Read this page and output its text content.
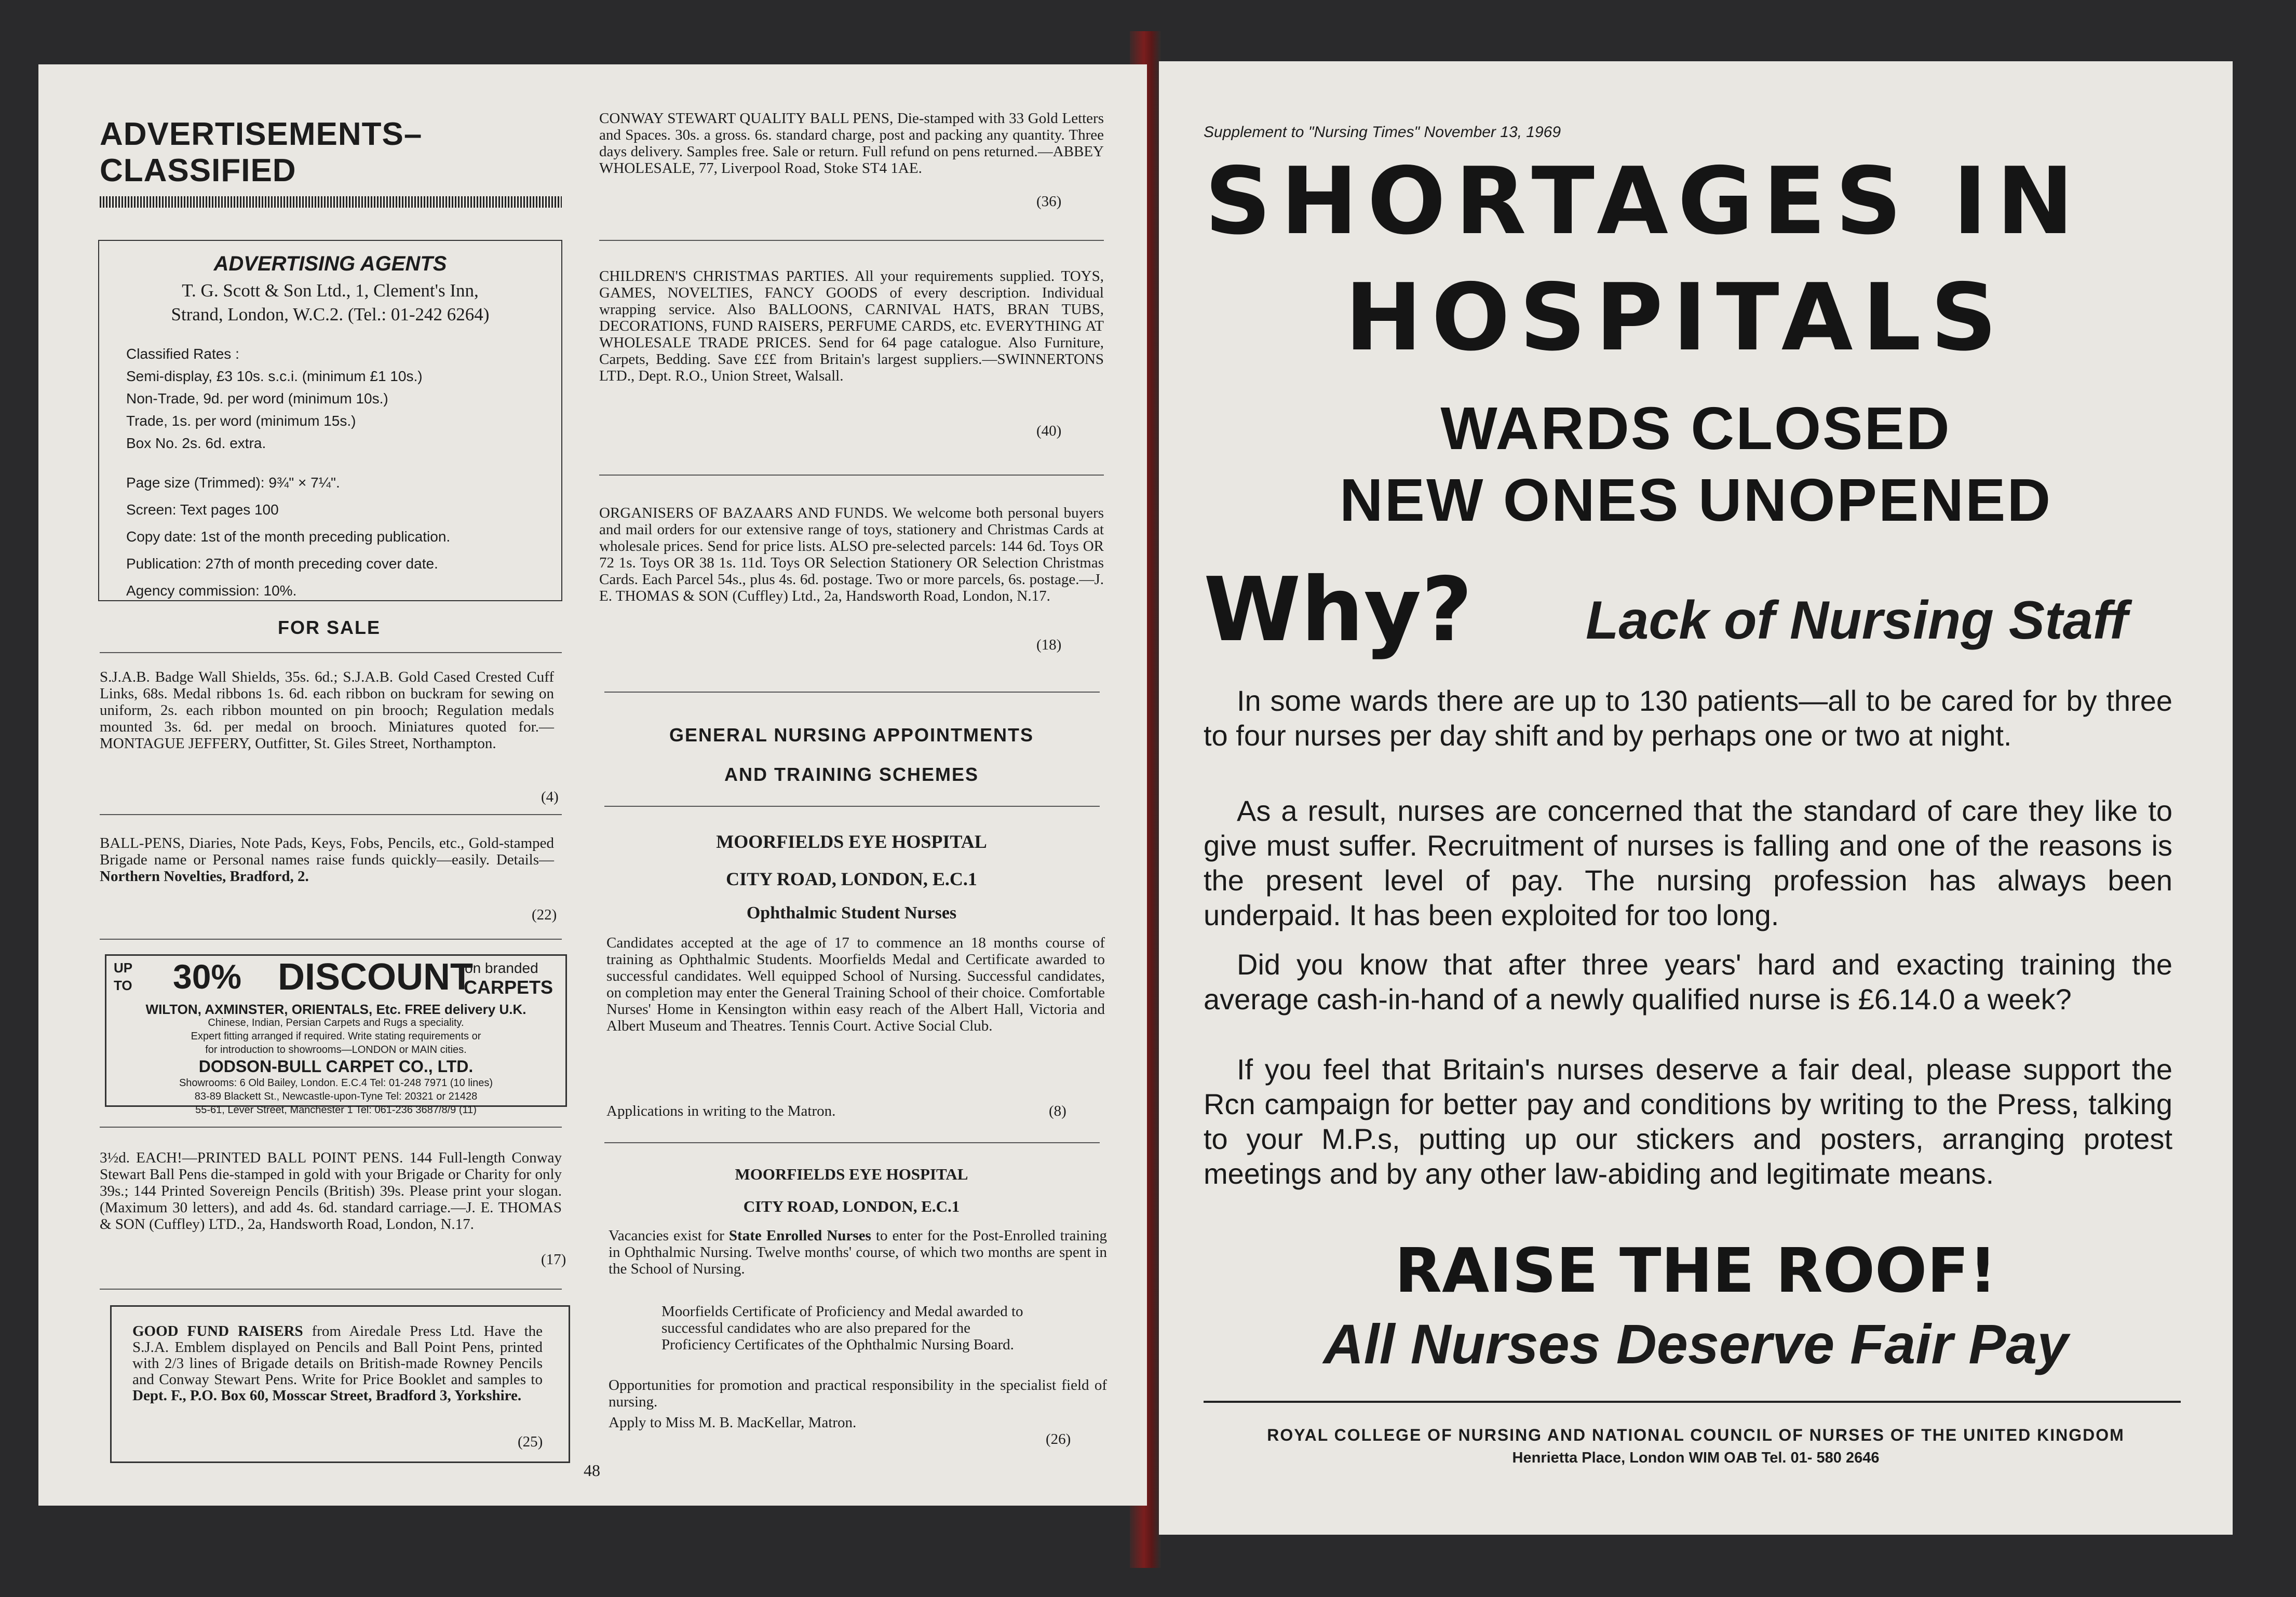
ADVERTISEMENTS–
CLASSIFIED
ADVERTISING AGENTS
T. G. Scott & Son Ltd., 1, Clement's Inn,
Strand, London, W.C.2. (Tel.: 01-242 6264)
Classified Rates :
Semi-display, £3 10s. s.c.i. (minimum £1 10s.)
Non-Trade, 9d. per word (minimum 10s.)
Trade, 1s. per word (minimum 15s.)
Box No. 2s. 6d. extra.
Page size (Trimmed): 9¾" × 7¼".
Screen: Text pages 100
Copy date: 1st of the month preceding publication.
Publication: 27th of month preceding cover date.
Agency commission: 10%.
FOR SALE
S.J.A.B. Badge Wall Shields, 35s. 6d.; S.J.A.B. Gold Cased Crested Cuff Links, 68s. Medal ribbons 1s. 6d. each ribbon on buckram for sewing on uniform, 2s. each ribbon mounted on pin brooch; Regulation medals mounted 3s. 6d. per medal on brooch. Miniatures quoted for.—MONTAGUE JEFFERY, Outfitter, St. Giles Street, Northampton.
(4)
BALL-PENS, Diaries, Note Pads, Keys, Fobs, Pencils, etc., Gold-stamped Brigade name or Personal names raise funds quickly—easily. Details—Northern Novelties, Bradford, 2.
(22)
UP
TO 30% DISCOUNT
on branded
CARPETS
WILTON, AXMINSTER, ORIENTALS, Etc. FREE delivery U.K.
Chinese, Indian, Persian Carpets and Rugs a speciality.
Expert fitting arranged if required. Write stating requirements or
for introduction to showrooms—LONDON or MAIN cities.
DODSON-BULL CARPET CO., LTD.
Showrooms: 6 Old Bailey, London. E.C.4 Tel: 01-248 7971 (10 lines)
83-89 Blackett St., Newcastle-upon-Tyne Tel: 20321 or 21428
55-61, Lever Street, Manchester 1 Tel: 061-236 3687/8/9 (11)
3½d. EACH!—PRINTED BALL POINT PENS. 144 Full-length Conway Stewart Ball Pens die-stamped in gold with your Brigade or Charity for only 39s.; 144 Printed Sovereign Pencils (British) 39s. Please print your slogan. (Maximum 30 letters), and add 4s. 6d. standard carriage.—J. E. THOMAS & SON (Cuffley) LTD., 2a, Handsworth Road, London, N.17.
(17)
GOOD FUND RAISERS from Airedale Press Ltd. Have the S.J.A. Emblem displayed on Pencils and Ball Point Pens, printed with 2/3 lines of Brigade details on British-made Rowney Pencils and Conway Stewart Pens. Write for Price Booklet and samples to Dept. F., P.O. Box 60, Mosscar Street, Bradford 3, Yorkshire.
(25)
CONWAY STEWART QUALITY BALL PENS, Die-stamped with 33 Gold Letters and Spaces. 30s. a gross. 6s. standard charge, post and packing any quantity. Three days delivery. Samples free. Sale or return. Full refund on pens returned.—ABBEY WHOLESALE, 77, Liverpool Road, Stoke ST4 1AE.
(36)
CHILDREN'S CHRISTMAS PARTIES. All your requirements supplied. TOYS, GAMES, NOVELTIES, FANCY GOODS of every description. Individual wrapping service. Also BALLOONS, CARNIVAL HATS, BRAN TUBS, DECORATIONS, FUND RAISERS, PERFUME CARDS, etc. EVERYTHING AT WHOLESALE TRADE PRICES. Send for 64 page catalogue. Also Furniture, Carpets, Bedding. Save £££ from Britain's largest suppliers.—SWINNERTONS LTD., Dept. R.O., Union Street, Walsall.
(40)
ORGANISERS OF BAZAARS AND FUNDS. We welcome both personal buyers and mail orders for our extensive range of toys, stationery and Christmas Cards at wholesale prices. Send for price lists. ALSO pre-selected parcels: 144 6d. Toys OR 72 1s. Toys OR 38 1s. 11d. Toys OR Selection Stationery OR Selection Christmas Cards. Each Parcel 54s., plus 4s. 6d. postage. Two or more parcels, 6s. postage.—J. E. THOMAS & SON (Cuffley) Ltd., 2a, Handsworth Road, London, N.17.
(18)
GENERAL NURSING APPOINTMENTS
AND TRAINING SCHEMES
MOORFIELDS EYE HOSPITAL
CITY ROAD, LONDON, E.C.1
Ophthalmic Student Nurses
Candidates accepted at the age of 17 to commence an 18 months course of training as Ophthalmic Students. Moorfields Medal and Certificate awarded to successful candidates. Well equipped School of Nursing. Successful candidates, on completion may enter the General Training School of their choice. Comfortable Nurses' Home in Kensington within easy reach of the Albert Hall, Victoria and Albert Museum and Theatres. Tennis Court. Active Social Club.
Applications in writing to the Matron.	(8)
MOORFIELDS EYE HOSPITAL
CITY ROAD, LONDON, E.C.1
Vacancies exist for State Enrolled Nurses to enter for the Post-Enrolled training in Ophthalmic Nursing. Twelve months' course, of which two months are spent in the School of Nursing.
Moorfields Certificate of Proficiency and Medal awarded to successful candidates who are also prepared for the Proficiency Certificates of the Ophthalmic Nursing Board.
Opportunities for promotion and practical responsibility in the specialist field of nursing.
Apply to Miss M. B. MacKellar, Matron.
(26)
48
Supplement to "Nursing Times" November 13, 1969
SHORTAGES IN
HOSPITALS
WARDS CLOSED
NEW ONES UNOPENED
Why? Lack of Nursing Staff
In some wards there are up to 130 patients—all to be cared for by three to four nurses per day shift and by perhaps one or two at night.
As a result, nurses are concerned that the standard of care they like to give must suffer. Recruitment of nurses is falling and one of the reasons is the present level of pay. The nursing profession has always been underpaid. It has been exploited for too long.
Did you know that after three years' hard and exacting training the average cash-in-hand of a newly qualified nurse is £6.14.0 a week?
If you feel that Britain's nurses deserve a fair deal, please support the Rcn campaign for better pay and conditions by writing to the Press, talking to your M.P.s, putting up our stickers and posters, arranging protest meetings and by any other law-abiding and legitimate means.
RAISE THE ROOF!
All Nurses Deserve Fair Pay
ROYAL COLLEGE OF NURSING AND NATIONAL COUNCIL OF NURSES OF THE UNITED KINGDOM
Henrietta Place, London WIM OAB Tel. 01- 580 2646
